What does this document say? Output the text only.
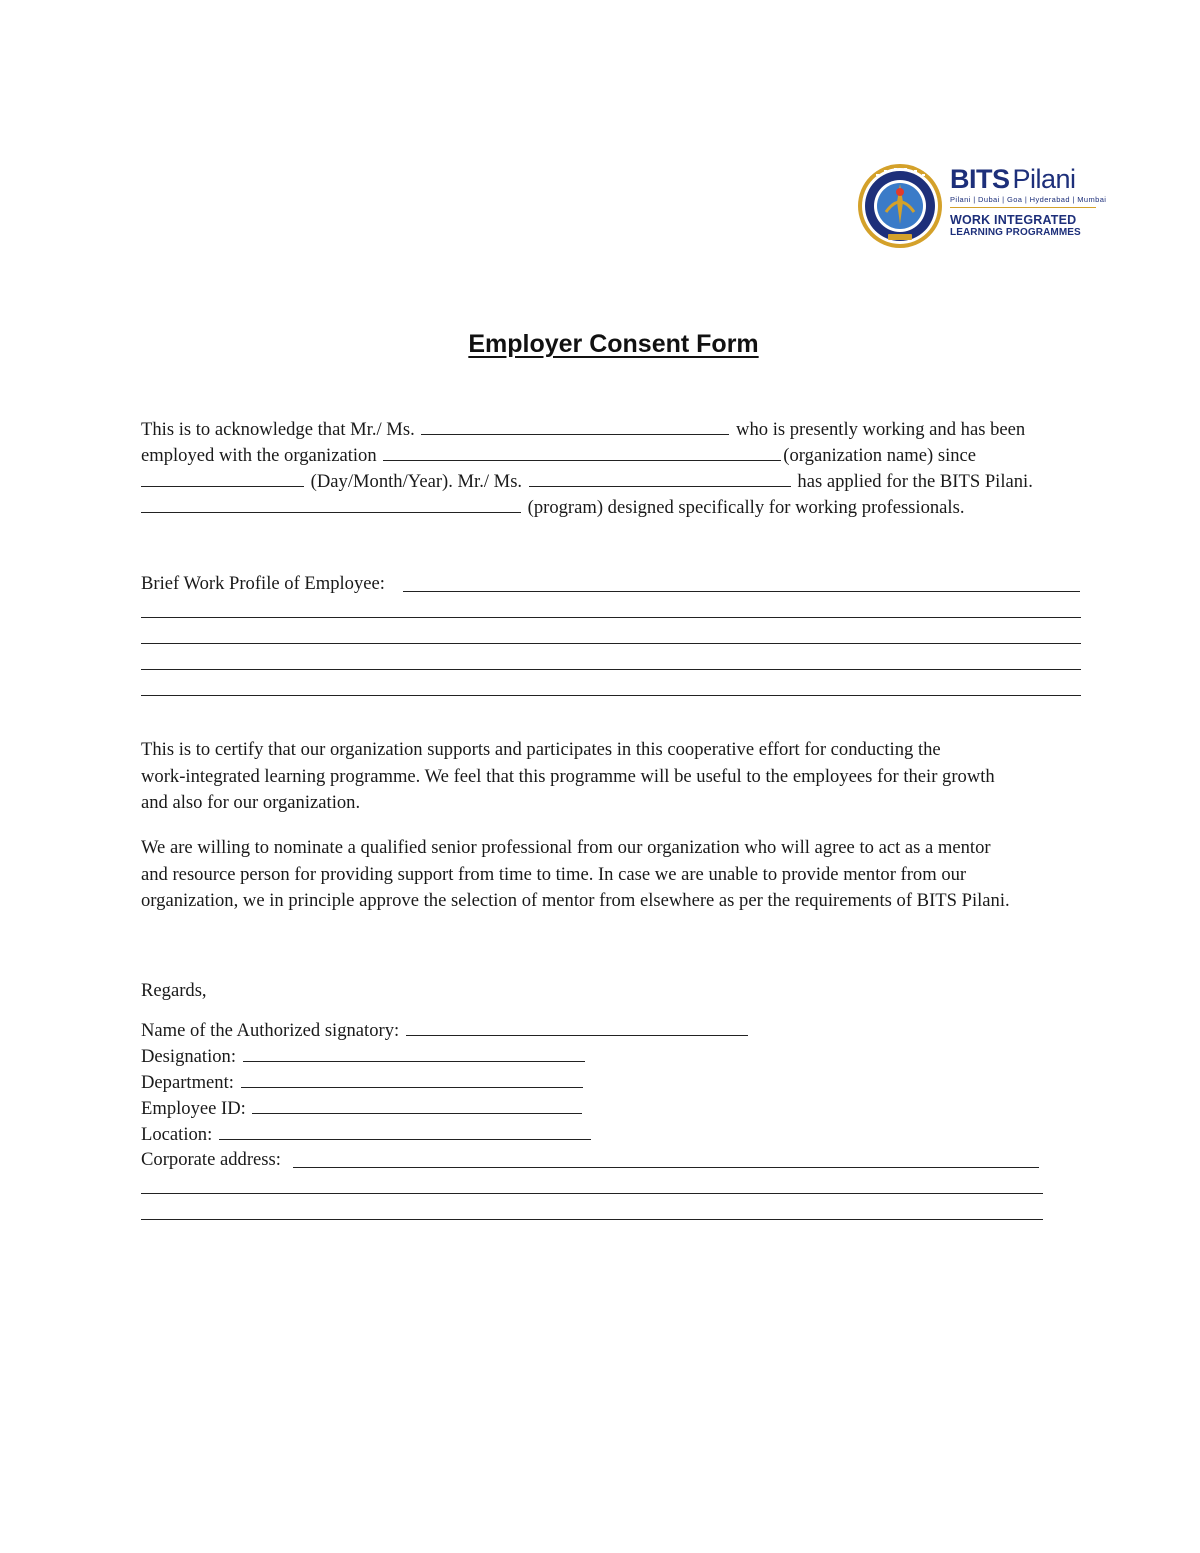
BITS Pilani
Pilani | Dubai | Goa | Hyderabad | Mumbai
WORK INTEGRATED
LEARNING PROGRAMMES
Employer Consent Form
This is to acknowledge that Mr./ Ms.	who is presently working and has been
employed with the organization	(organization name) since
(Day/Month/Year). Mr./ Ms.	has applied for the BITS Pilani.
(program) designed specifically for working professionals.
Brief Work Profile of Employee:
This is to certify that our organization supports and participates in this cooperative effort for conducting the
work-integrated learning programme. We feel that this programme will be useful to the employees for their growth
and also for our organization.
We are willing to nominate a qualified senior professional from our organization who will agree to act as a mentor
and resource person for providing support from time to time. In case we are unable to provide mentor from our
organization, we in principle approve the selection of mentor from elsewhere as per the requirements of BITS Pilani.
Regards,
Name of the Authorized signatory:
Designation:
Department:
Employee ID:
Location:
Corporate address:
